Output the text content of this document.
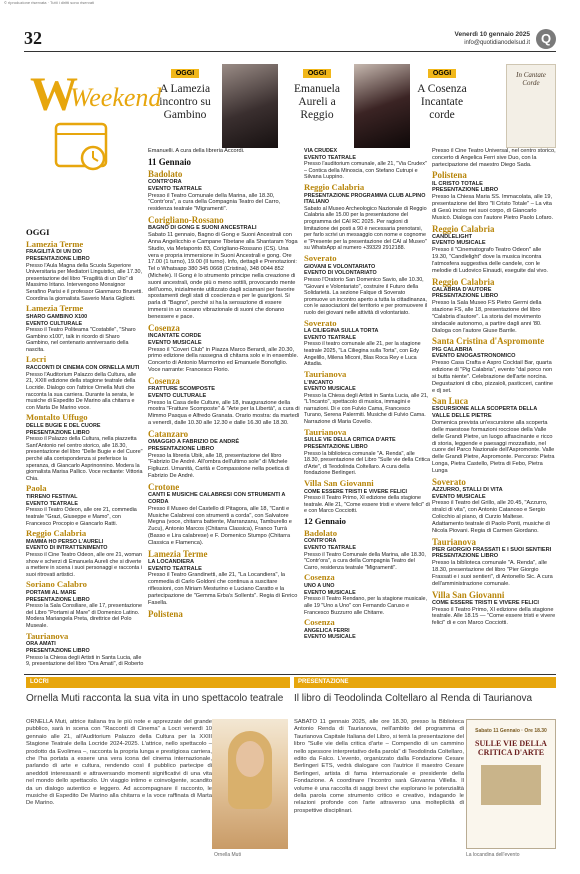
© riproduzione riservata · Tutti i diritti sono riservati
32	Venerdì 10 gennaio 2025
info@quotidianodelsud.it Q
W
Weekend
OGGI
A Lamezia incontro su Gambino
OGGI
Emanuela Aureli a Reggio
OGGI
A Cosenza Incantate corde
In Cantate Corde
OGGI
Lamezia Terme
FRAGILITÀ DI UN DIO
PRESENTAZIONE LIBRO
Presso l'Aula Magna della Scuola Superiore Universitaria per Mediatori Linguistici, alle 17.30, presentazione del libro "Fragilità di un Dio" di Massimo Iritano. Intervengono Monsignor Serafino Parisi e il professor Gianmarco Brunetti. Coordina la giornalista Saverio Maria Gigliotti.
Lamezia Terme
SHARO GAMBINO X100
EVENTO CULTURALE
Presso il Teatro Politeama "Costabile", "Sharo Gambino x100", talk in ricordo di Sharo Gambino, nel centenario anniversario della nascita.
Locri
RACCONTI DI CINEMA CON ORNELLA MUTI
Presso l'Auditorium Palazzo della Cultura, alle 21, XXIII edizione della stagione teatrale della Locride. Dialogo con l'attrice Ornella Muti che racconta la sua carriera. Durante la serata, le musiche di Espedito De Marino alla chitarra e con Marta De Marino voce.
Montalto Uffugo
DELLE BUGIE E DEL CUORE
PRESENTAZIONE LIBRO
Presso il Palazzo della Cultura, nella piazzetta Sant'Antonio nel centro storico, alle 18.30, presentazione del libro "Delle Bugie e del Cuore" perché alla corrispondenza si preferisce la speranza, di Giancarlo Asprinonnino. Modera la giornalista Marisa Pallico. Voce recitante: Vittoria Chia.
Paola
TIRRENO FESTIVAL
EVENTO TEATRALE
Presso il Teatro Odeon, alle ore 21, commedia teatrale "Grazi, Giuseppe e Mamo", con Francesco Procopio e Giancarlo Ratti.
Reggio Calabria
MAMMA HO PERSO L'AURELI
EVENTO DI INTRATTENIMENTO
Presso il Cine Teatro Odeon, alle ore 21, woman show e scherzi di Emanuela Aureli che si diverte a mettere in scena i suoi personaggi e racconta i suoi ritrovati artistici.
Soriano Calabro
PORTAMI AL MARE
PRESENTAZIONE LIBRO
Presso la Sala Consiliare, alle 17, presentazione del Libro "Portami al Mare" di Domenico Latino. Modera Mariangela Preta, direttrice del Polo Museale.
Taurianova
ORA AMATI
PRESENTAZIONE LIBRO
Presso la Chiesa degli Artisti in Santa Lucia, alle 9, presentazione del libro "Ora Amati", di Roberto
Emanuelli. A cura della libreria Accordi.
11 Gennaio
Badolato
CONTR'ORA
EVENTO TEATRALE
Presso il Teatro Comunale della Marina, alle 18.30, "Contr'ora", a cura della Compagnia Teatro del Carro, residenza teatrale "Migramenti".
Corigliano-Rossano
BAGNO DI GONG E SUONI ANCESTRALI
Sabato 11 gennaio, Bagno di Gong e Suoni Ancestrali con Anna Angelicchio e Campane Tibetane alla Shantaram Yoga Studio, via Metaponto 83, Corigliano-Rossano (CS). Una vera e propria immersione in Suoni Ancestrali e gong. Ore 17.00 (1 turno), 19.00 (II turno). Info, dettagli e Prenotazioni: Tel o Whatsapp 380 345 0668 (Cristina), 348 0044 852 (Michele). Il Gong è lo strumento principe nella creazione di suoni ancestrali, onde più o meno sottili, provocando mente dell'uomo, inizialmente utilizzato dagli sciamani per favorire spostamenti degli stati di coscienza e per le guarigioni. Si parla di "Bagno", perché si ha la sensazione di essere immersi in un oceano vibrazionale di suoni che donano benessere e pace.
Cosenza
INCANTATE CORDE
EVENTO MUSICALE
Presso il "Coveri Club" in Piazza Marco Berardi, alle 20.30, primo edizione della rassegna di chitarra solo e in ensemble. Concerto di Antonio Marmorino ed Emanuele Bonofiglio. Voce narrante: Francesco Florio.
Cosenza
FRATTURE SCOMPOSTE
EVENTO CULTURALE
Presso la Casa delle Culture, alle 18, inaugurazione della mostra "Fratture Scomposte" & "Arte per la Libertà", a cura di Mimmo Pasqua e Alfredo Granata. Orario mostra: da martedì a venerdì, dalle 10.30 alle 12.30 e dalle 16.30 alle 18.30.
Catanzaro
OMAGGIO A FABRIZIO DE ANDRÉ
PRESENTAZIONE LIBRO
Presso la libreria Ubik, alle 18, presentazione del libro "Fabrizio De André. All'ombra dell'ultimo sole" di Michele Figliuzzi. Umanità, Carità e Compassione nella poetica di Fabrizio De André.
Crotone
CANTI E MUSICHE CALABRESI CON STRUMENTI A CORDA
Presso il Museo del Castello di Pitagora, alle 18, "Canti e Musiche Calabresi con strumenti a corda", con Salvatore Megna (voce, chitarra battente, Marranzanu, Tamburello e Zucu), Antonio Marcos (Chitarra Classica), Franco Turrà (Basso e Lira calabrese) e F. Domenico Stumpo (Chitarra Classica e Flamenca).
Lamezia Terme
LA LOCANDIERA
EVENTO TEATRALE
Presso il Teatro Grandinetti, alle 21, "La Locandiera", la commedia di Carlo Goldoni che continua a suscitare riflessioni, con Miriam Mesturino e Luciano Caratto e la partecipazione de "Gemma Erba's Sollents". Regia di Enrico Fasella.
Polistena
VIA CRUDEX
EVENTO TEATRALE
Presso l'auditorium comunale, alle 21, "Via Crudex" – Contica della Minoscia, con Stefano Cutrupi e Silvana Luppino.
Reggio Calabria
PRESENTAZIONE PROGRAMMA CLUB ALPINO ITALIANO
Sabato al Museo Archeologico Nazionale di Reggio Calabria alle 15.00 per la presentazione del programma del CAI RC 2025. Per ragioni di limitazione dei posti a 90 è necessaria prenotarsi, per farlo scrivi un messaggio con nome e cognome e "Presente per la presentazione del CAI al Museo" su WhatsApp al numero +39329 2912188.
Soverato
GIOVANI E VOLONTARIATO
EVENTO DI VOLONTARIATO
Presso l'Oratorio San Domenico Savio, alle 10.30, "Giovani e Volontariato", costruire il Futuro della Solidarietà. La sezione Falque di Soverato promuove un incontro aperto a tutta la cittadinanza, con le associazioni del territorio e per promuovere il ruolo dei giovani nelle attività di volontariato.
Soverato
LA CILIEGINA SULLA TORTA
EVENTO TEATRALE
Presso il teatro comunale alle 21, per la stagione teatrale 2025, "La Ciliegina sulla Torta", con Edy Angelillo, Milena Miconi, Blas Roca Rey e Luca Attadia.
Taurianova
L'INCANTO
EVENTO MUSICALE
Presso la Chiesa degli Artisti in Santa Lucia, alle 21, "L'Incanto", spettacolo di musica, immagini e narrazioni. Di e con Fulvio Cama, Francesco Turano, Serena Palermiti. Musiche di Fulvio Cama. Narrazione di Maria Covello.
Taurianova
SULLE VIE DELLA CRITICA D'ARTE
PRESENTAZIONE LIBRO
Presso la biblioteca comunale "A. Renda", alle 18.30, presentazione del Libro "Sulle vie della Critica d'Arte", di Teodolinda Coltellaro. A cura della fondazione Berlingeri.
Villa San Giovanni
COME ESSERE TRISTI E VIVERE FELICI
Presso il Teatro Primo, XI edizione della stagione teatrale. Alle 21, "Come essere tristi e vivere felici" di e con Marco Cocciotti.
12 Gennaio
Badolato
CONTR'ORA
EVENTO TEATRALE
Presso il Teatro Comunale della Marina, alle 18.30, "Contr'ora", a cura della Compagnia Teatro del Carro, residenza teatrale "Migramenti".
Cosenza
UNO A UNO
EVENTO MUSICALE
Presso il Teatro Rendano, per la stagione musicale, alle 19 "Uno a Uno" con Fernando Caruso e Francesco Buzzurro alle Chitarre.
Cosenza
ANGELICA FERRI
EVENTO MUSICALE
Presso il Cine Teatro Universal, nel centro storico, concerto di Angelica Ferri sive Duo, con la partecipazione del maestro Diego Sada.
Polistena
IL CRISTO TOTALE
PRESENTAZIONE LIBRO
Presso la Chiesa Maria SS. Immacolata, alle 19, presentazione del libro "Il Cristo Totale" – La vita di Gesù inciso nei suoi corpo, di Giancarlo Musicò. Dialoga con l'autore Pietro Paolo Lofaro.
Reggio Calabria
CANDLELIGHT
EVENTO MUSICALE
Presso il "Cinematografo Teatro Odeon" alle 19.30, "Candlelight" dove la musica incontra l'atmosfera suggestiva delle candele, con le melodie di Ludovico Einaudi, eseguite dal vivo.
Reggio Calabria
CALABRIA D'AUTORE
PRESENTAZIONE LIBRO
Presso la Sala Museo FS Pietro Germi della stazione FS, alle 18, presentazione del libro "Calabria d'autore". La storia del movimento sindacale autonomo, a partire dagli anni '80. Dialoga con l'autore Giuse Barrile.
Santa Cristina d'Aspromonte
PIG CALABRIA
EVENTO ENOGASTRONOMICO
Presso Casa Crafta e Aspro Cocktail Bar, quarta edizione di "Pig Calabria", evento "dal porco non si butta niente". Celebrazione dell'arte norcina. Degustazioni di cibo, pizzaioli, pasticceri, cantine e dj set.
San Luca
ESCURSIONE ALLA SCOPERTA DELLA VALLE DELLE PIETRE
Domenica prevista un'escursione alla scoperta delle maestose formazioni rocciose della Valle delle Grandi Pietre, un luogo affascinante e ricco di storia, leggende e paesaggi mozzafiato, nel cuore del Parco Nazionale dell'Aspromonte. Valle delle Grandi Pietre, Aspromonte. Percorso: Pietra Longa, Pietra Castello, Pietra di Febo, Pietra Lunga
Soverato
AZZURRO, STALLI DI VITA
EVENTO MUSICALE
Presso il Teatro del Grillo, alle 20.45, "Azzurro, stralci di vita", con Antonio Catanoso e Sergio Colicchio al piano, di Curzio Maltese. Adattamento teatrale di Paolo Ponti, musiche di Nicola Piovani. Regia di Carmen Giordano.
Taurianova
PIER GIORGIO FRASSATI E I SUOI SENTIERI
PRESENTAZIONE LIBRO
Presso la biblioteca comunale "A. Renda", alle 18.30, presentazione del libro "Pier Giorgio Frassati e i suoi sentieri", di Antonello Sic. A cura dell'amministrazione comunale.
Villa San Giovanni
COME ESSERE TRISTI E VIVERE FELICI
Presso il Teatro Primo, XI edizione della stagione teatrale. Alle 18.15 — "Come essere tristi e vivere felici" di e con Marco Cocciotti.
LOCRI	PRESENTAZIONE
Ornella Muti racconta la sua vita in uno spettacolo teatrale	Il libro di Teodolinda Coltellaro al Renda di Taurianova
ORNELLA Muti, attrice italiana tra le più note e apprezzate del grande pubblico, sarà in scena con "Racconti di Cinema" a Locri venerdì 10 gennaio alle 21, all'Auditorium Palazzo della Cultura per la XXIII Stagione Teatrale della Locride 2024-2025. L'attrice, nello spettacolo – prodotto da Evolimea –, racconta la propria lunga e prestigiosa carriera, che l'ha portata a essere una vera icona del cinema internazionale, parlando di arte e cultura, rendendo così il pubblico partecipe di aneddoti interessanti e attraversando momenti significativi di una vita nel mondo dello spettacolo. Un viaggio intimo e coinvolgente, scandito da un dialogo autentico e leggero. Ad accompagnare il racconto, le musiche di Espedito De Marino alla chitarra e la voce raffinata di Marta De Marino.
Ornella Muti
SABATO 11 gennaio 2025, alle ore 18.30, presso la Biblioteca Antonio Renda di Taurianova, nell'ambito del programma di Taurianova Capitale Italiana del Libro, si terrà la presentazione del libro "Sulle vie della critica d'arte – Compendio di un cammino nello spessore interpretativo della parola" di Teodolinda Coltellaro, edito da Falco. L'evento, organizzato dalla Fondazione Cesare Berlingeri ETS, vedrà dialogare con l'autrice il maestro Cesare Berlingeri, artista di fama internazionale e presidente della Fondazione. A coordinare l'incontro sarà Giovanna Villella. Il volume è una raccolta di saggi brevi che esplorano le potenzialità della parola come strumento critico e creativo, indagando le relazioni profonde con l'arte attraverso una molteplicità di prospettive disciplinari.
Sabato 11 Gennaio · Ore 18.30
SULLE VIE DELLA CRITICA D'ARTE
La locandina dell'evento
